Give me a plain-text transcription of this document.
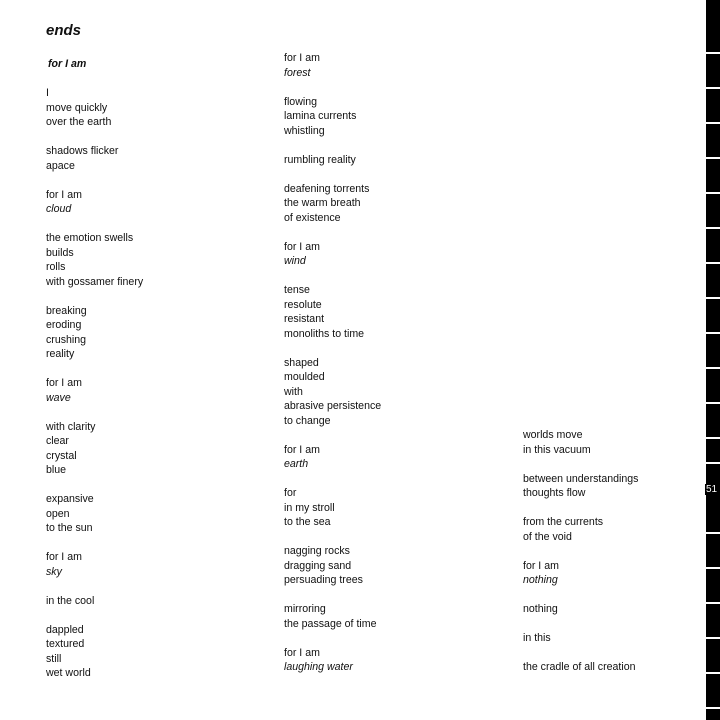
ends
for I am
I
move quickly
over the earth
shadows flicker
apace
for I am
cloud
the emotion swells
builds
rolls
with gossamer finery
breaking
eroding
crushing
reality
for I am
wave
with clarity
clear
crystal
blue
expansive
open
to the sun
for I am
sky
in the cool
dappled
textured
still
wet world
for I am
forest
flowing
lamina currents
whistling
rumbling reality
deafening torrents
the warm breath
of existence
for I am
wind
tense
resolute
resistant
monoliths to time
shaped
moulded
with
abrasive persistence
to change
for I am
earth
for
in my stroll
to the sea
nagging rocks
dragging sand
persuading trees
mirroring
the passage of time
for I am
laughing water
worlds move
in this vacuum
between understandings
thoughts flow
from the currents
of the void
for I am
nothing
nothing
in this
the cradle of all creation
51
